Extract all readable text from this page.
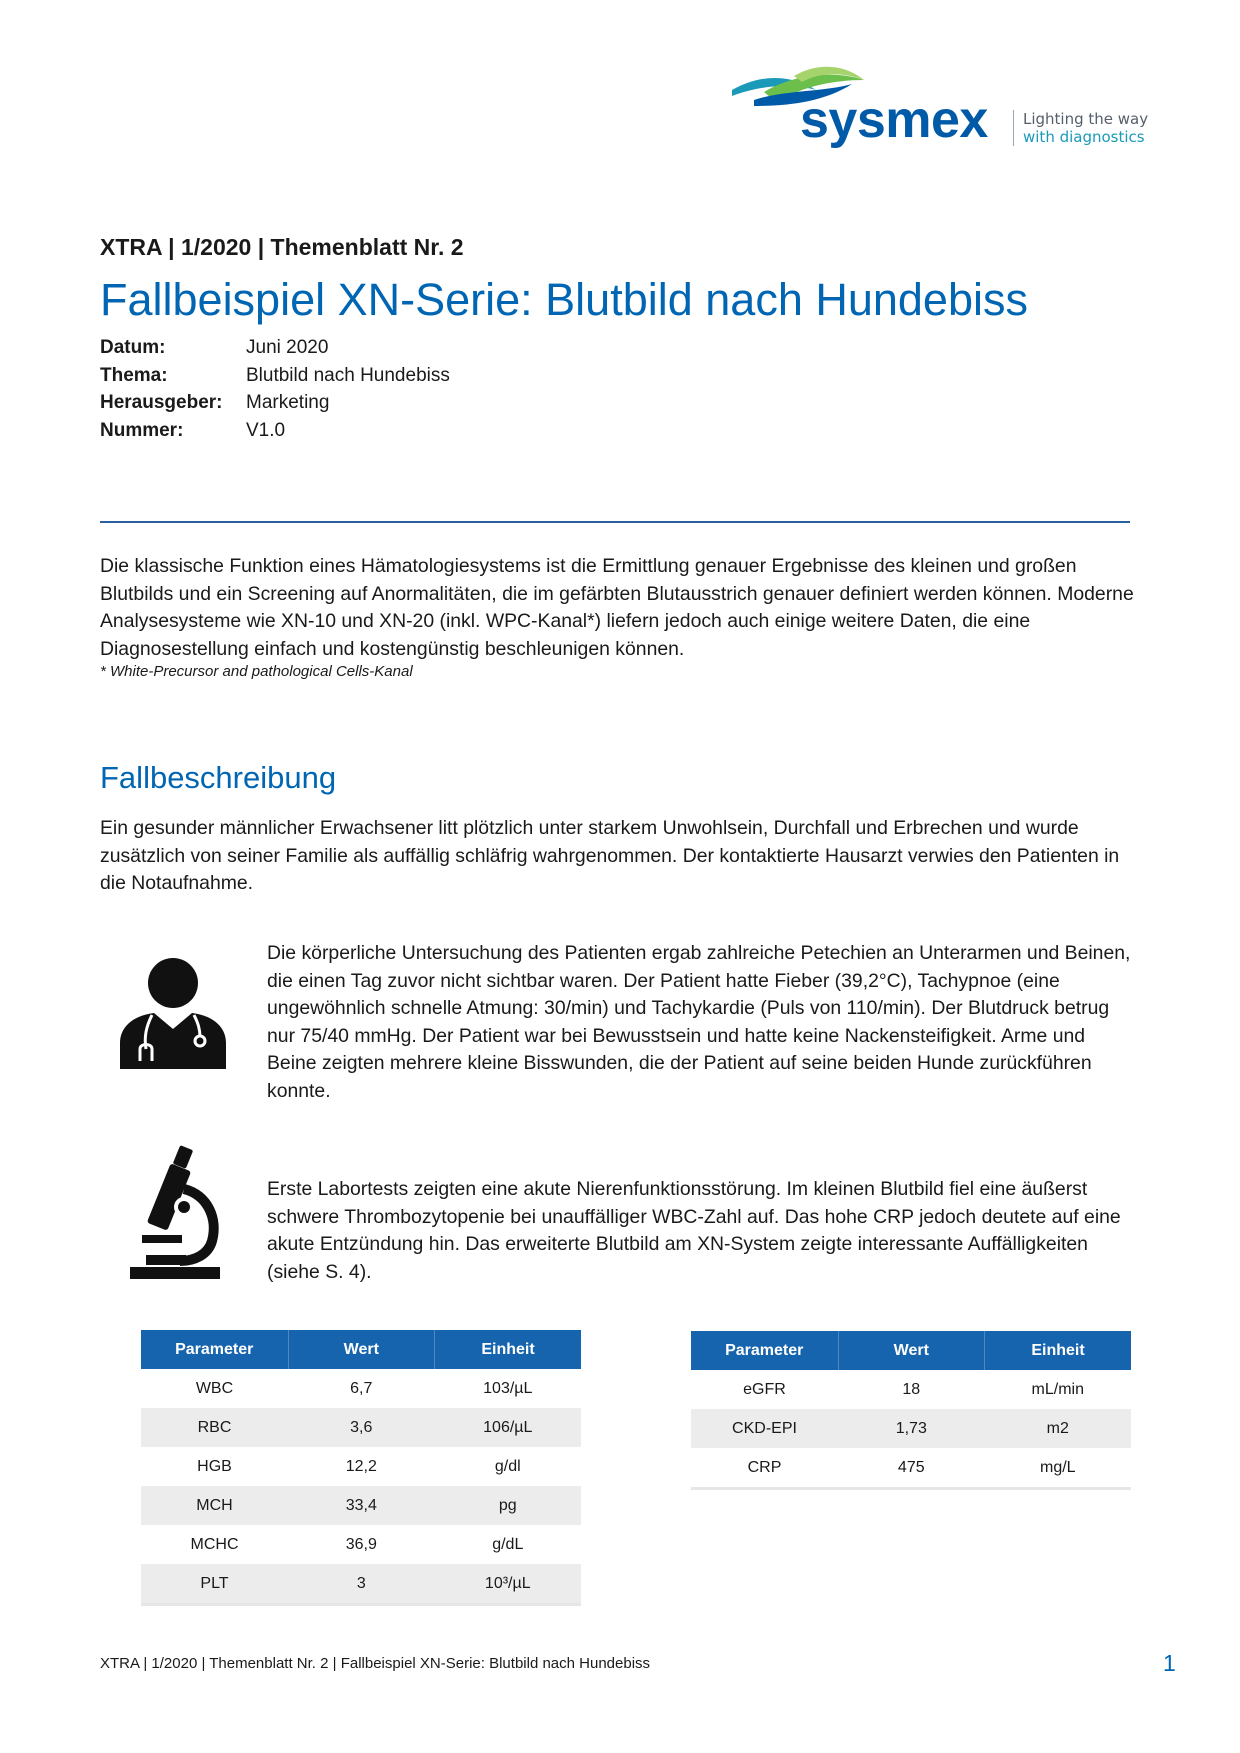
sysmex Lighting the way
with diagnostics
XTRA | 1/2020 | Themenblatt Nr. 2
Fallbeispiel XN-Serie: Blutbild nach Hundebiss
Datum:	Juni 2020
Thema:	Blutbild nach Hundebiss
Herausgeber:	Marketing
Nummer:	V1.0
Die klassische Funktion eines Hämatologiesystems ist die Ermittlung genauer Ergebnisse des kleinen und großen Blutbilds und ein Screening auf Anormalitäten, die im gefärbten Blutausstrich genauer definiert werden können. Moderne Analysesysteme wie XN-10 und XN-20 (inkl. WPC-Kanal*) liefern jedoch auch einige weitere Daten, die eine Diagnosestellung einfach und kostengünstig beschleunigen können.
* White-Precursor and pathological Cells-Kanal
Fallbeschreibung
Ein gesunder männlicher Erwachsener litt plötzlich unter starkem Unwohlsein, Durchfall und Erbrechen und wurde zusätzlich von seiner Familie als auffällig schläfrig wahrgenommen. Der kontaktierte Hausarzt verwies den Patienten in die Notaufnahme.
Die körperliche Untersuchung des Patienten ergab zahlreiche Petechien an Unterarmen und Beinen, die einen Tag zuvor nicht sichtbar waren. Der Patient hatte Fieber (39,2°C), Tachypnoe (eine ungewöhnlich schnelle Atmung: 30/min) und Tachykardie (Puls von 110/min). Der Blutdruck betrug nur 75/40 mmHg. Der Patient war bei Bewusstsein und hatte keine Nackensteifigkeit. Arme und Beine zeigten mehrere kleine Bisswunden, die der Patient auf seine beiden Hunde zurückführen konnte.
Erste Labortests zeigten eine akute Nierenfunktionsstörung. Im kleinen Blutbild fiel eine äußerst schwere Thrombozytopenie bei unauffälliger WBC-Zahl auf. Das hohe CRP jedoch deutete auf eine akute Entzündung hin. Das erweiterte Blutbild am XN-System zeigte interessante Auffälligkeiten (siehe S. 4).
Parameter	Wert	Einheit
WBC	6,7	103/µL
RBC	3,6	106/µL
HGB	12,2	g/dl
MCH	33,4	pg
MCHC	36,9	g/dL
PLT	3	10³/µL
Parameter	Wert	Einheit
eGFR	18	mL/min
CKD-EPI	1,73	m2
CRP	475	mg/L
XTRA | 1/2020 | Themenblatt Nr. 2 | Fallbeispiel XN-Serie: Blutbild nach Hundebiss	1
